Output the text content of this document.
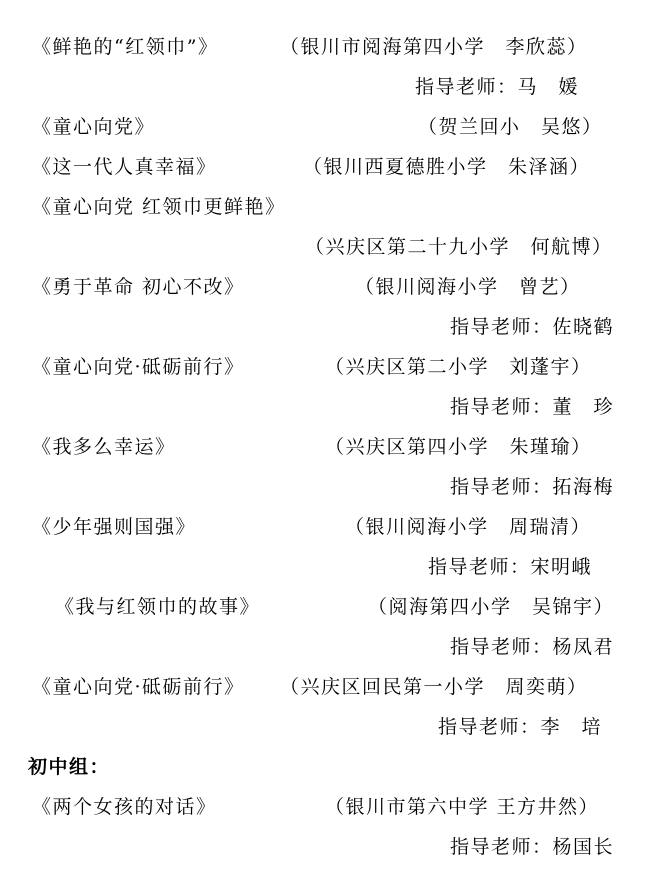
《鲜艳的“红领巾”》	（银川市阅海第四小学　李欣蕊）
指导老师：马　媛
《童心向党》	（贺兰回小　吴悠）
《这一代人真幸福》	（银川西夏德胜小学　朱泽涵）
《童心向党 红领巾更鲜艳》
（兴庆区第二十九小学　何航博）
《勇于革命 初心不改》	（银川阅海小学　曾艺）
指导老师：佐晓鹤
《童心向党·砥砺前行》	（兴庆区第二小学　刘蓬宇）
指导老师：董　珍
《我多么幸运》	（兴庆区第四小学　朱瑾瑜）
指导老师：拓海梅
《少年强则国强》	（银川阅海小学　周瑞清）
指导老师：宋明峨
《我与红领巾的故事》	（阅海第四小学　吴锦宇）
指导老师：杨凤君
《童心向党·砥砺前行》 （兴庆区回民第一小学　周奕萌）
指导老师：李　培
初中组：
《两个女孩的对话》	（银川市第六中学 王方井然）
指导老师：杨国长
